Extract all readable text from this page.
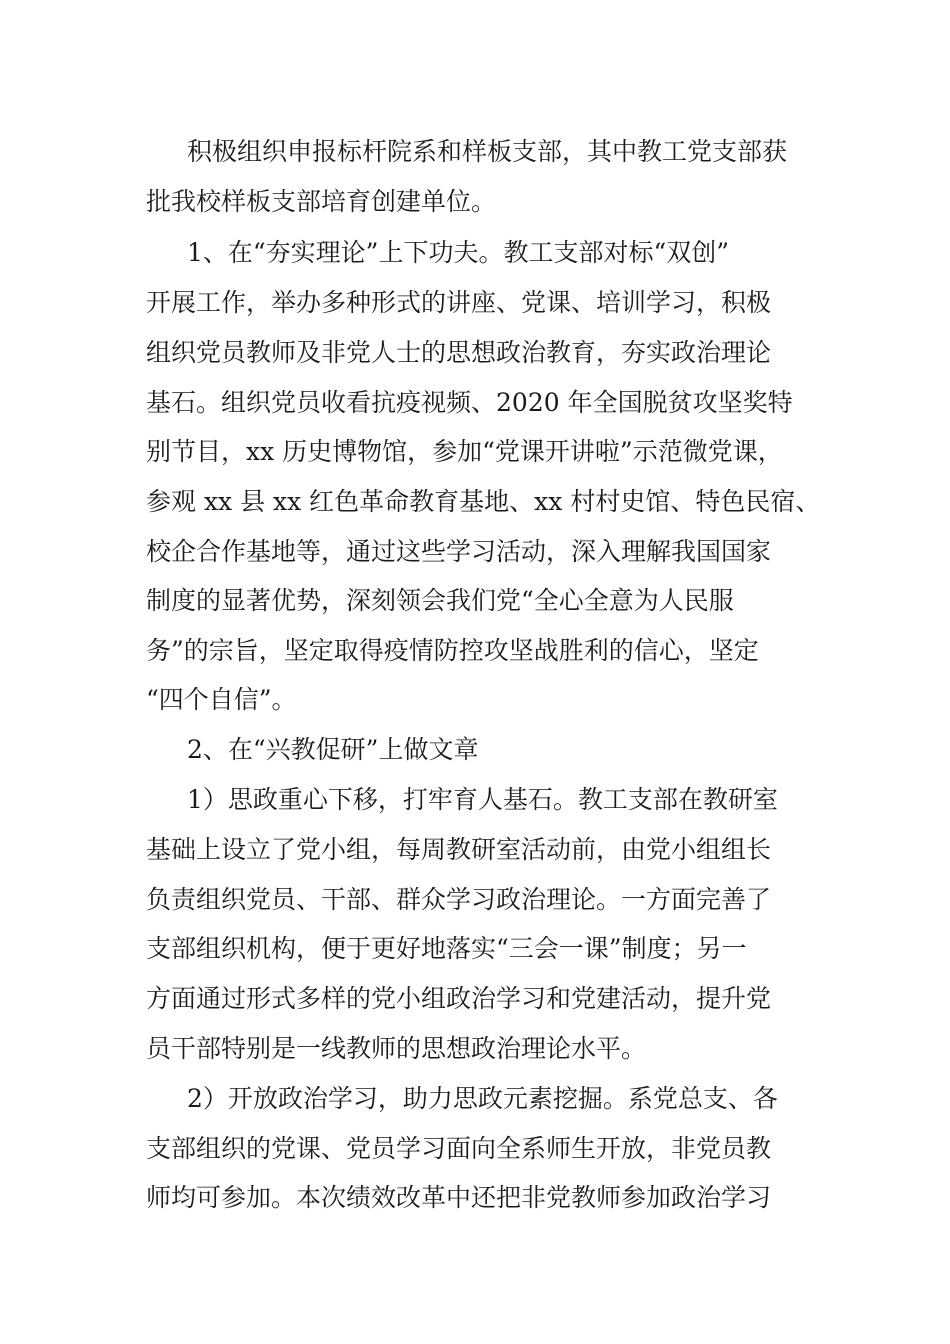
积极组织申报标杆院系和样板支部，其中教工党支部获

批我校样板支部培育创建单位。

1、在“夯实理论”上下功夫。教工支部对标“双创”

开展工作，举办多种形式的讲座、党课、培训学习，积极

组织党员教师及非党人士的思想政治教育，夯实政治理论

基石。组织党员收看抗疫视频、2020 年全国脱贫攻坚奖特

别节目，xx 历史博物馆，参加“党课开讲啦”示范微党课，

参观 xx 县 xx 红色革命教育基地、xx 村村史馆、特色民宿、

校企合作基地等，通过这些学习活动，深入理解我国国家

制度的显著优势，深刻领会我们党“全心全意为人民服

务”的宗旨，坚定取得疫情防控攻坚战胜利的信心，坚定

“四个自信”。

2、在“兴教促研”上做文章

1）思政重心下移，打牢育人基石。教工支部在教研室

基础上设立了党小组，每周教研室活动前，由党小组组长

负责组织党员、干部、群众学习政治理论。一方面完善了

支部组织机构，便于更好地落实“三会一课”制度；另一

方面通过形式多样的党小组政治学习和党建活动，提升党

员干部特别是一线教师的思想政治理论水平。

2）开放政治学习，助力思政元素挖掘。系党总支、各

支部组织的党课、党员学习面向全系师生开放，非党员教

师均可参加。本次绩效改革中还把非党教师参加政治学习
